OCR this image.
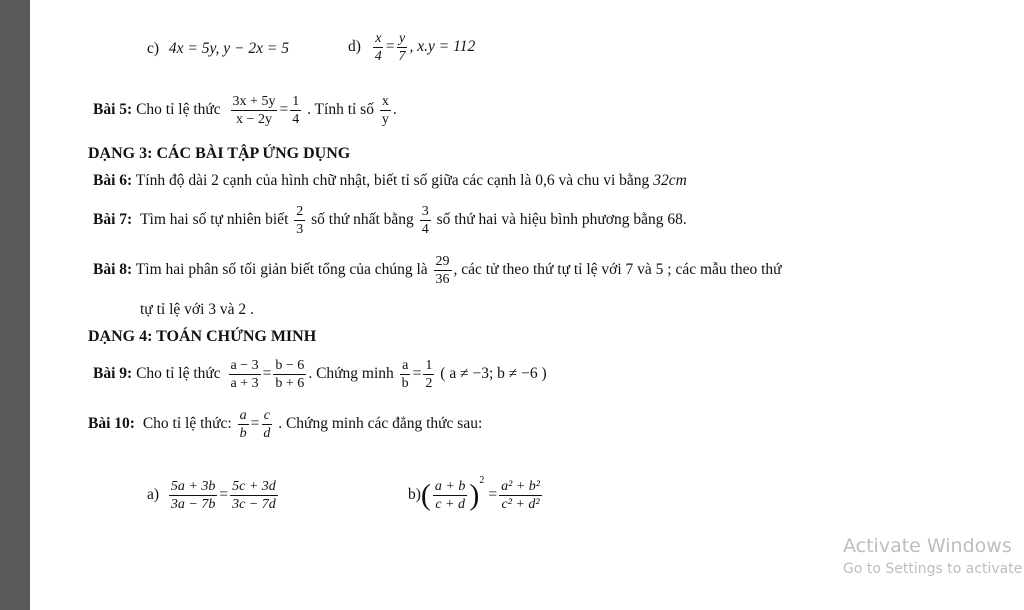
c) 4x = 5y, y − 2x = 5	$d) \frac{x}{4} = \frac{y}{7}$ , x.y = 112
Bài 5: Cho tỉ lệ thức $\frac{3x + 5y}{x - 2y} = \frac{1}{4}$ . Tính tỉ số $\frac{x}{y}$ .
DẠNG 3: CÁC BÀI TẬP ỨNG DỤNG
Bài 6: Tính độ dài 2 cạnh của hình chữ nhật, biết tỉ số giữa các cạnh là 0,6 và chu vi bằng 32cm
Bài 7: Tìm hai số tự nhiên biết $\frac{2}{3}$ số thứ nhất bằng $\frac{3}{4}$ số thứ hai và hiệu bình phương bằng 68.
Bài 8: Tìm hai phân số tối giản biết tổng của chúng là $\frac{29}{36}$ , các tử theo thứ tự tỉ lệ với 7 và 5 ; các mẫu theo thứ
tự tỉ lệ với 3 và 2 .
DẠNG 4: TOÁN CHỨNG MINH
Bài 9: Cho tỉ lệ thức $\frac{a - 3}{a + 3} = \frac{b - 6}{b + 6}$ . Chứng minh $\frac{a}{b} = \frac{1}{2}$ ( a ≠ −3; b ≠ −6 )
Bài 10: Cho tỉ lệ thức: $\frac{a}{b} = \frac{c}{d}$ . Chứng minh các đẳng thức sau:
$a) \frac{5a + 3b}{3a - 7b} = \frac{5c + 3d}{3c - 7d}$	$b)( \frac{a + b}{c + d} )^2= \frac{\text{a² + b²}}{\text{c² + d²}}$
Activate Windows
Go to Settings to activate
